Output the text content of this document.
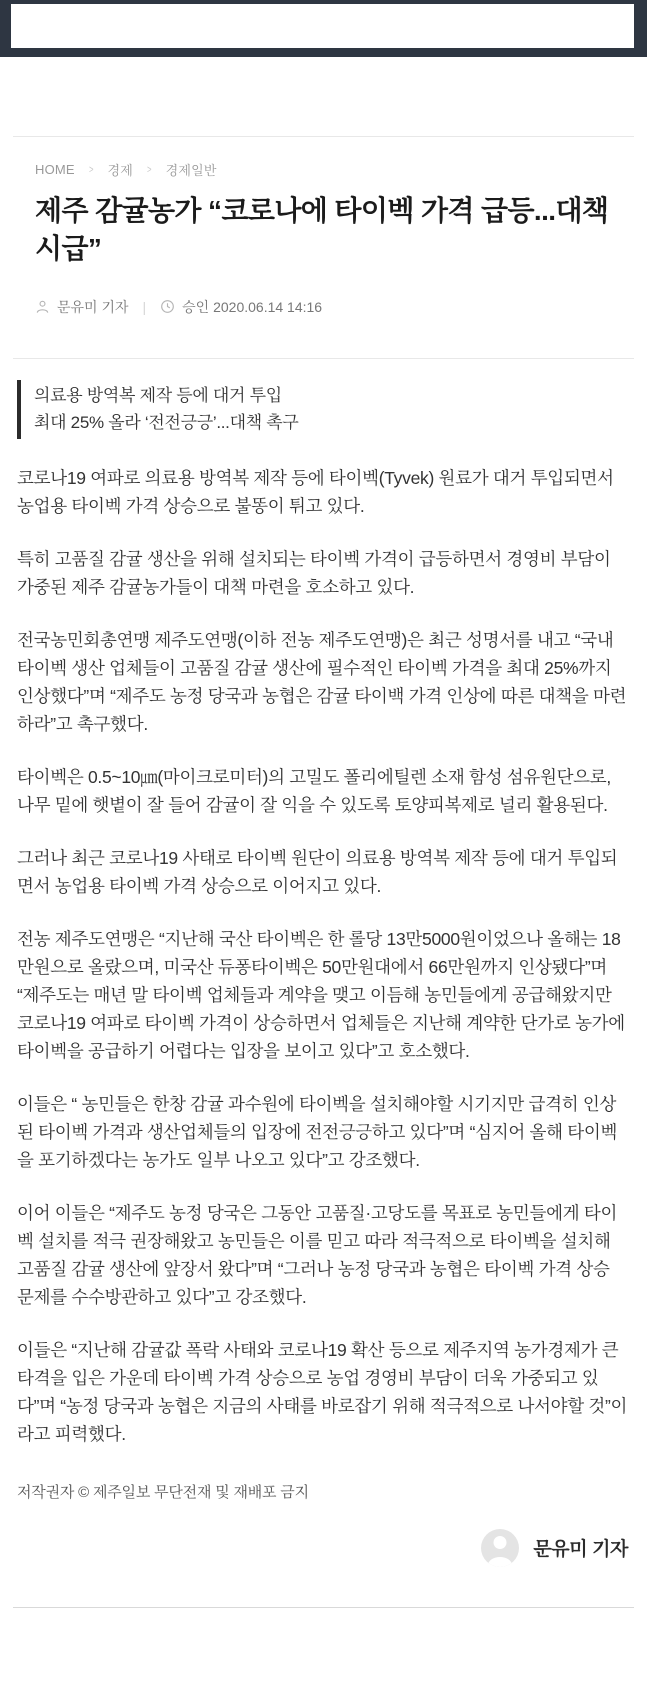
HOME > 경제 > 경제일반
제주 감귤농가 “코로나에 타이벡 가격 급등...대책 시급”
문유미 기자 |	승인 2020.06.14 14:16
의료용 방역복 제작 등에 대거 투입
최대 25% 올라 ‘전전긍긍’...대책 촉구

코로나19 여파로 의료용 방역복 제작 등에 타이벡(Tyvek) 원료가 대거 투입되면서 농업용 타이벡 가격 상승으로 불똥이 튀고 있다.

특히 고품질 감귤 생산을 위해 설치되는 타이벡 가격이 급등하면서 경영비 부담이 가중된 제주 감귤농가들이 대책 마련을 호소하고 있다.

전국농민회총연맹 제주도연맹(이하 전농 제주도연맹)은 최근 성명서를 내고 “국내 타이벡 생산 업체들이 고품질 감귤 생산에 필수적인 타이벡 가격을 최대 25%까지 인상했다”며 “제주도 농정 당국과 농협은 감귤 타이백 가격 인상에 따른 대책을 마련하라”고 촉구했다.

타이벡은 0.5~10㎛(마이크로미터)의 고밀도 폴리에틸렌 소재 함성 섬유원단으로, 나무 밑에 햇볕이 잘 들어 감귤이 잘 익을 수 있도록 토양피복제로 널리 활용된다.

그러나 최근 코로나19 사태로 타이벡 원단이 의료용 방역복 제작 등에 대거 투입되면서 농업용 타이벡 가격 상승으로 이어지고 있다.

전농 제주도연맹은 “지난해 국산 타이벡은 한 롤당 13만5000원이었으나 올해는 18만원으로 올랐으며, 미국산 듀퐁타이벡은 50만원대에서 66만원까지 인상됐다”며 “제주도는 매년 말 타이벡 업체들과 계약을 맺고 이듬해 농민들에게 공급해왔지만 코로나19 여파로 타이벡 가격이 상승하면서 업체들은 지난해 계약한 단가로 농가에 타이벡을 공급하기 어렵다는 입장을 보이고 있다”고 호소했다.

이들은 “ 농민들은 한창 감귤 과수원에 타이벡을 설치해야할 시기지만 급격히 인상된 타이벡 가격과 생산업체들의 입장에 전전긍긍하고 있다”며 “심지어 올해 타이벡을 포기하겠다는 농가도 일부 나오고 있다”고 강조했다.

이어 이들은 “제주도 농정 당국은 그동안 고품질·고당도를 목표로 농민들에게 타이벡 설치를 적극 권장해왔고 농민들은 이를 믿고 따라 적극적으로 타이벡을 설치해 고품질 감귤 생산에 앞장서 왔다”며 “그러나 농정 당국과 농협은 타이벡 가격 상승 문제를 수수방관하고 있다”고 강조했다.

이들은 “지난해 감귤값 폭락 사태와 코로나19 확산 등으로 제주지역 농가경제가 큰 타격을 입은 가운데 타이벡 가격 상승으로 농업 경영비 부담이 더욱 가중되고 있다”며 “농정 당국과 농협은 지금의 사태를 바로잡기 위해 적극적으로 나서야할 것”이라고 피력했다.

저작권자 © 제주일보 무단전재 및 재배포 금지
문유미 기자
